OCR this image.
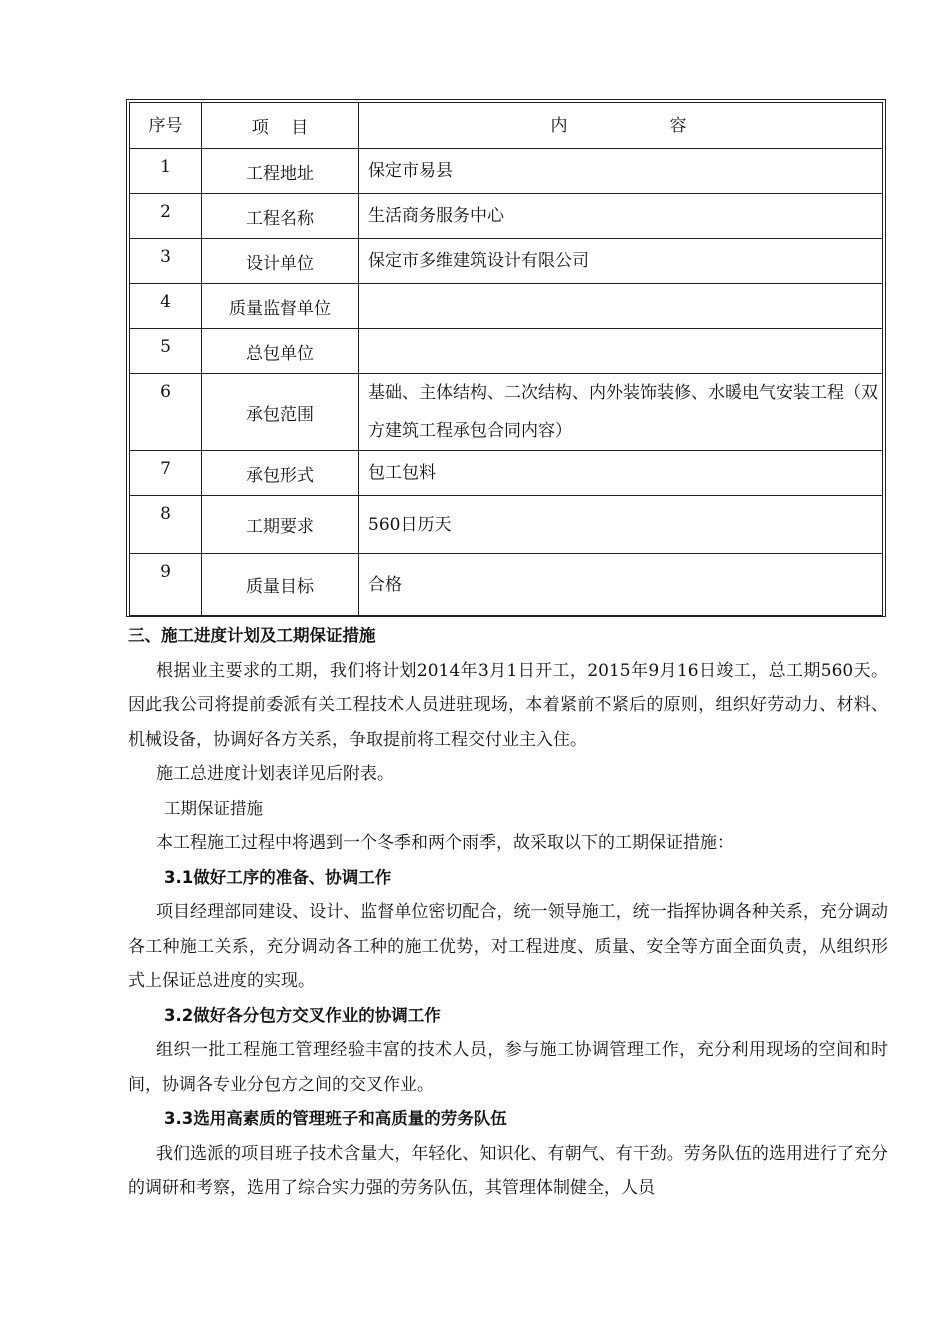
序号	项　 目	内　　　　　　容
1	工程地址	保定市易县
2	工程名称	生活商务服务中心
3	设计单位	保定市多维建筑设计有限公司
4	质量监督单位	
5	总包单位	
6	承包范围	基础、主体结构、二次结构、内外装饰装修、水暖电气安装工程（双方建筑工程承包合同内容）
7	承包形式	包工包料
8	工期要求	560日历天
9	质量目标	合格

三、施工进度计划及工期保证措施

根据业主要求的工期，我们将计划2014年3月1日开工，2015年9月16日竣工，总工期560天。因此我公司将提前委派有关工程技术人员进驻现场，本着紧前不紧后的原则，组织好劳动力、材料、机械设备，协调好各方关系，争取提前将工程交付业主入住。

施工总进度计划表详见后附表。

工期保证措施

本工程施工过程中将遇到一个冬季和两个雨季，故采取以下的工期保证措施：

3.1做好工序的准备、协调工作

项目经理部同建设、设计、监督单位密切配合，统一领导施工，统一指挥协调各种关系，充分调动各工种施工关系，充分调动各工种的施工优势，对工程进度、质量、安全等方面全面负责，从组织形式上保证总进度的实现。

3.2做好各分包方交叉作业的协调工作

组织一批工程施工管理经验丰富的技术人员，参与施工协调管理工作，充分利用现场的空间和时间，协调各专业分包方之间的交叉作业。

3.3选用高素质的管理班子和高质量的劳务队伍

我们选派的项目班子技术含量大，年轻化、知识化、有朝气、有干劲。劳务队伍的选用进行了充分的调研和考察，选用了综合实力强的劳务队伍，其管理体制健全，人员
